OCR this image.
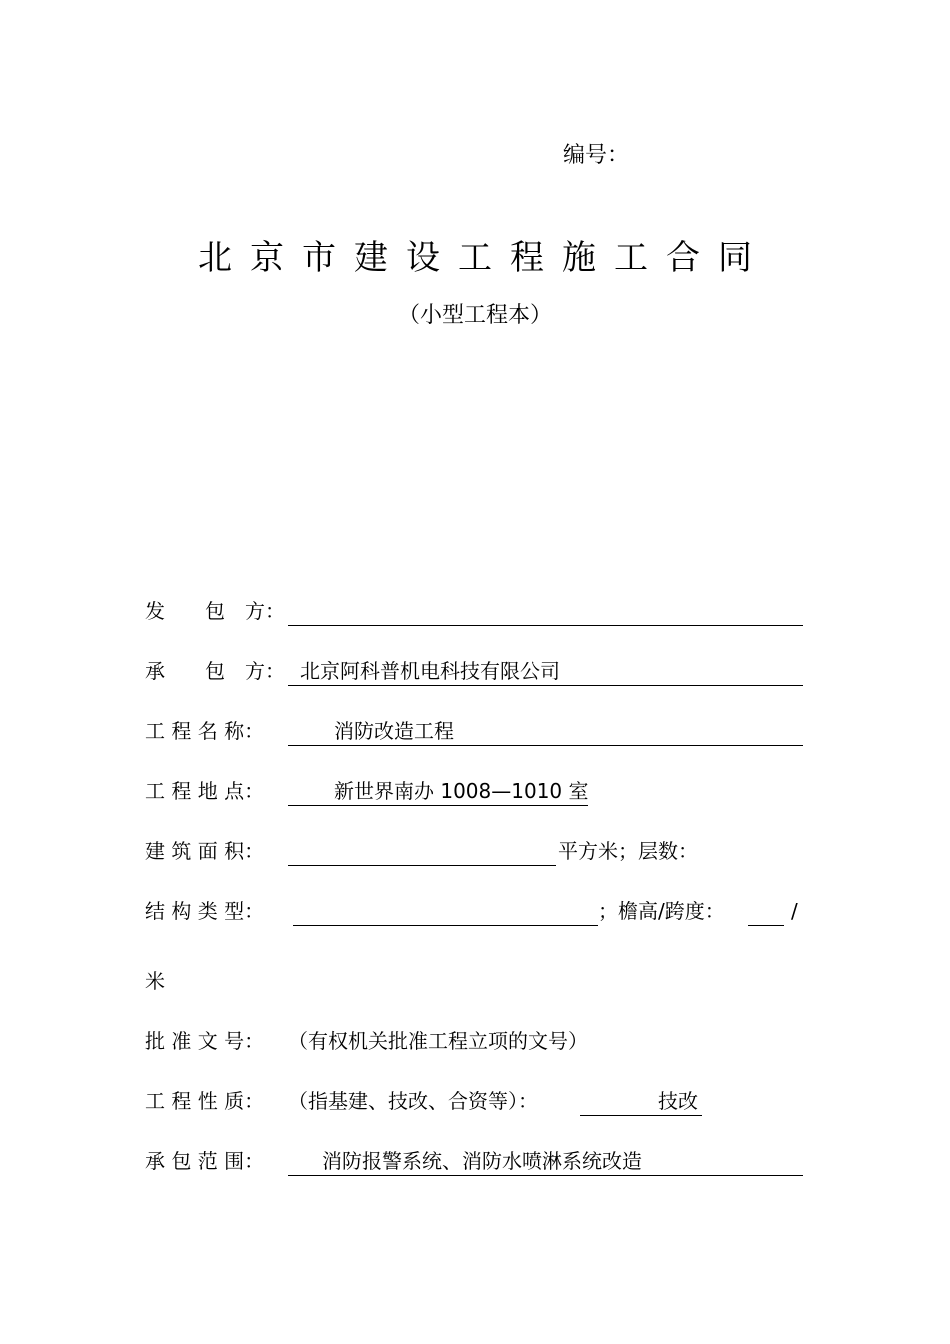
编号：
北京市建设工程施工合同
（小型工程本）
发　　包　方：
承　　包　方： 北京阿科普机电科技有限公司
工 程 名 称：	消防改造工程
工 程 地 点：	新世界南办 1008—1010 室
建 筑 面 积：	平方米；层数：
结 构 类 型：	；檐高/跨度：	/
米
批 准 文 号： （有权机关批准工程立项的文号）
工 程 性 质： （指基建、技改、合资等）：	技改
承 包 范 围：	消防报警系统、消防水喷淋系统改造
